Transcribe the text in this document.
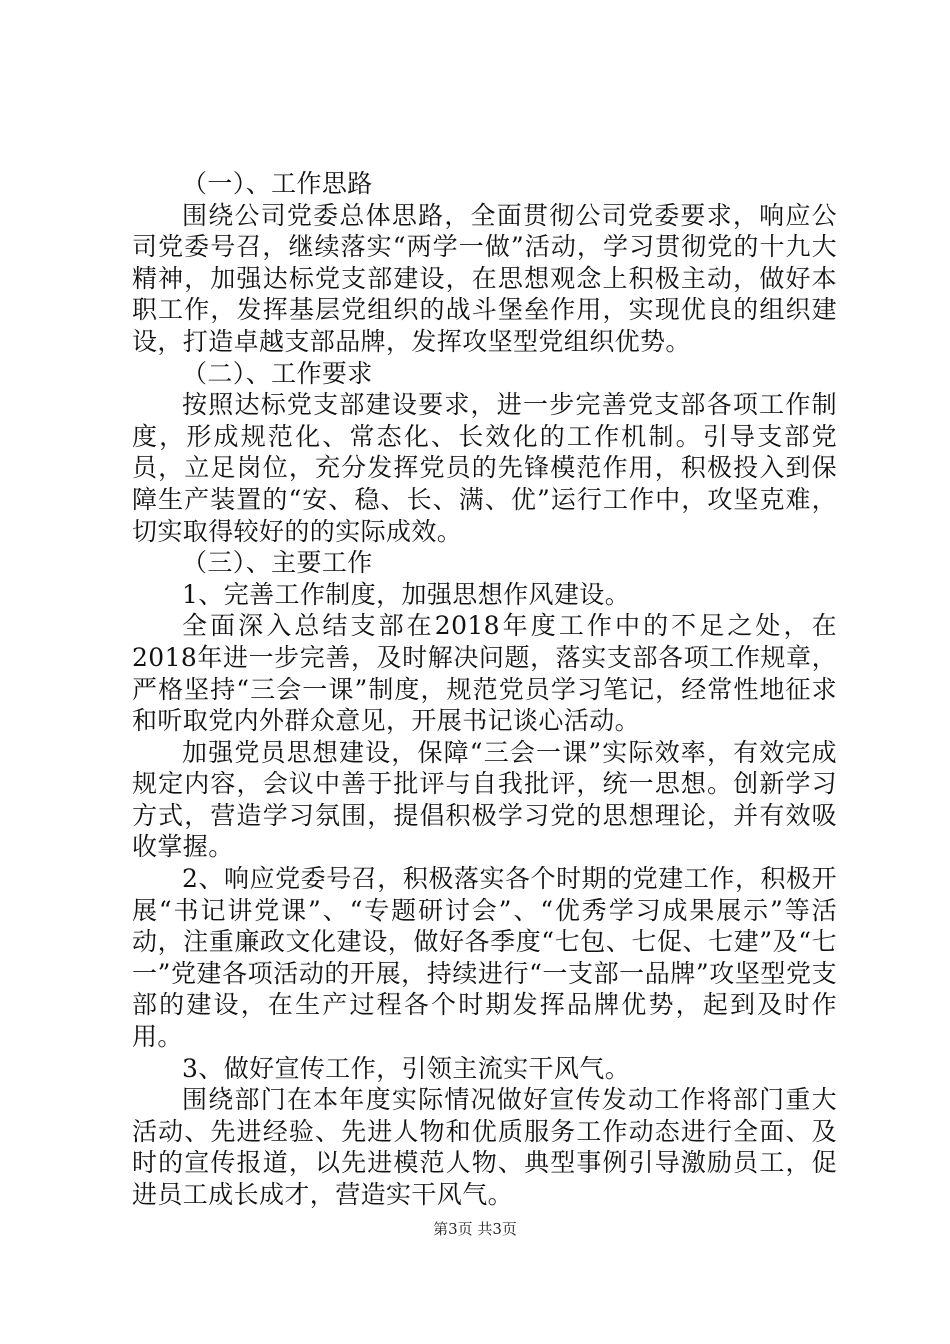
（一）、工作思路

围绕公司党委总体思路，全面贯彻公司党委要求，响应公司党委号召，继续落实“两学一做”活动，学习贯彻党的十九大精神，加强达标党支部建设，在思想观念上积极主动，做好本职工作，发挥基层党组织的战斗堡垒作用，实现优良的组织建设，打造卓越支部品牌，发挥攻坚型党组织优势。

（二）、工作要求

按照达标党支部建设要求，进一步完善党支部各项工作制度，形成规范化、常态化、长效化的工作机制。引导支部党员，立足岗位，充分发挥党员的先锋模范作用，积极投入到保障生产装置的“安、稳、长、满、优”运行工作中，攻坚克难，切实取得较好的的实际成效。

（三）、主要工作

1、完善工作制度，加强思想作风建设。

全面深入总结支部在2018年度工作中的不足之处，在2018年进一步完善，及时解决问题，落实支部各项工作规章，严格坚持“三会一课”制度，规范党员学习笔记，经常性地征求和听取党内外群众意见，开展书记谈心活动。

加强党员思想建设，保障“三会一课”实际效率，有效完成规定内容，会议中善于批评与自我批评，统一思想。创新学习方式，营造学习氛围，提倡积极学习党的思想理论，并有效吸收掌握。

2、响应党委号召，积极落实各个时期的党建工作，积极开展“书记讲党课”、“专题研讨会”、“优秀学习成果展示”等活动，注重廉政文化建设，做好各季度“七包、七促、七建”及“七一”党建各项活动的开展，持续进行“一支部一品牌”攻坚型党支部的建设，在生产过程各个时期发挥品牌优势，起到及时作用。

3、做好宣传工作，引领主流实干风气。

围绕部门在本年度实际情况做好宣传发动工作将部门重大活动、先进经验、先进人物和优质服务工作动态进行全面、及时的宣传报道，以先进模范人物、典型事例引导激励员工，促进员工成长成才，营造实干风气。

第3页 共3页
